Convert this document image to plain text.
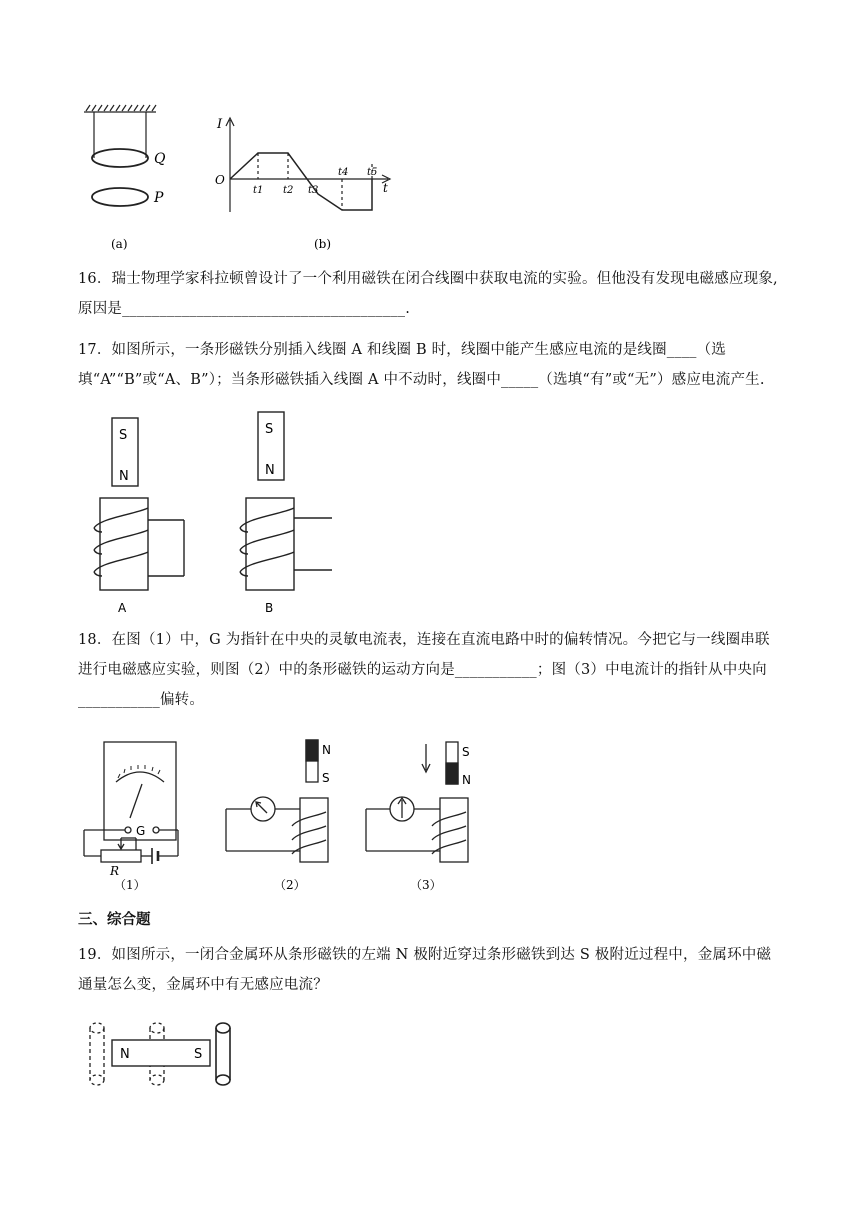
Q
P
(a)
I
t
O
t1 t2 t3
t4 t5
(b)
16．瑞士物理学家科拉顿曾设计了一个利用磁铁在闭合线圈中获取电流的实验。但他没有发现电磁感应现象,原因是______________________________________.
17．如图所示，一条形磁铁分别插入线圈 A 和线圈 B 时，线圈中能产生感应电流的是线圈____（选填“A”“B”或“A、B”）；当条形磁铁插入线圈 A 中不动时，线圈中_____（选填“有”或“无”）感应电流产生.
S
N
A
S
N
B
18．在图（1）中，G 为指针在中央的灵敏电流表，连接在直流电路中时的偏转情况。今把它与一线圈串联进行电磁感应实验，则图（2）中的条形磁铁的运动方向是___________；图（3）中电流计的指针从中央向___________偏转。
G
R
（1）
N
S
（2）
S
N
（3）
三、综合题
19．如图所示，一闭合金属环从条形磁铁的左端 N 极附近穿过条形磁铁到达 S 极附近过程中，金属环中磁通量怎么变，金属环中有无感应电流？
N	S
